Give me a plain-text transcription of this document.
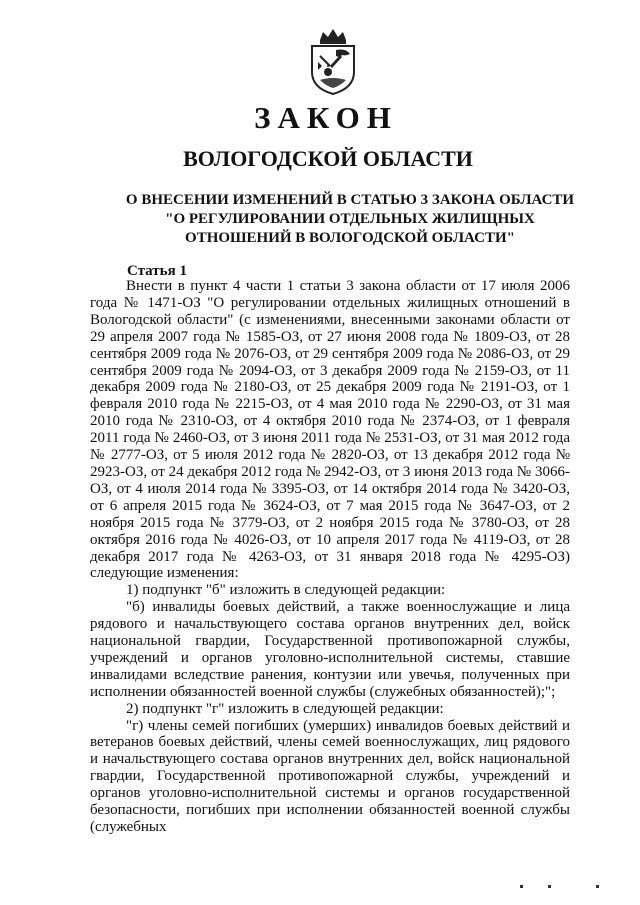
ЗАКОН
ВОЛОГОДСКОЙ ОБЛАСТИ
О ВНЕСЕНИИ ИЗМЕНЕНИЙ В СТАТЬЮ 3 ЗАКОНА ОБЛАСТИ
"О РЕГУЛИРОВАНИИ ОТДЕЛЬНЫХ ЖИЛИЩНЫХ
ОТНОШЕНИЙ В ВОЛОГОДСКОЙ ОБЛАСТИ"
Статья 1

Внести в пункт 4 части 1 статьи 3 закона области от 17 июля 2006 года № 1471-ОЗ "О регулировании отдельных жилищных отношений в Вологодской области" (с изменениями, внесенными законами области от 29 апреля 2007 года № 1585-ОЗ, от 27 июня 2008 года № 1809-ОЗ, от 28 сентября 2009 года № 2076-ОЗ, от 29 сентября 2009 года № 2086-ОЗ, от 29 сентября 2009 года № 2094-ОЗ, от 3 декабря 2009 года № 2159-ОЗ, от 11 декабря 2009 года № 2180-ОЗ, от 25 декабря 2009 года № 2191-ОЗ, от 1 февраля 2010 года № 2215-ОЗ, от 4 мая 2010 года № 2290-ОЗ, от 31 мая 2010 года № 2310-ОЗ, от 4 октября 2010 года № 2374-ОЗ, от 1 февраля 2011 года № 2460-ОЗ, от 3 июня 2011 года № 2531-ОЗ, от 31 мая 2012 года № 2777-ОЗ, от 5 июля 2012 года № 2820-ОЗ, от 13 декабря 2012 года № 2923-ОЗ, от 24 декабря 2012 года № 2942-ОЗ, от 3 июня 2013 года № 3066-ОЗ, от 4 июля 2014 года № 3395-ОЗ, от 14 октября 2014 года № 3420-ОЗ, от 6 апреля 2015 года № 3624-ОЗ, от 7 мая 2015 года № 3647-ОЗ, от 2 ноября 2015 года № 3779-ОЗ, от 2 ноября 2015 года № 3780-ОЗ, от 28 октября 2016 года № 4026-ОЗ, от 10 апреля 2017 года № 4119-ОЗ, от 28 декабря 2017 года № 4263-ОЗ, от 31 января 2018 года № 4295-ОЗ) следующие изменения:

1) подпункт "б" изложить в следующей редакции:

"б) инвалиды боевых действий, а также военнослужащие и лица рядового и начальствующего состава органов внутренних дел, войск национальной гвардии, Государственной противопожарной службы, учреждений и органов уголовно-исполнительной системы, ставшие инвалидами вследствие ранения, контузии или увечья, полученных при исполнении обязанностей военной службы (служебных обязанностей);";

2) подпункт "г" изложить в следующей редакции:

"г) члены семей погибших (умерших) инвалидов боевых действий и ветеранов боевых действий, члены семей военнослужащих, лиц рядового и начальствующего состава органов внутренних дел, войск национальной гвардии, Государственной противопожарной службы, учреждений и органов уголовно-исполнительной системы и органов государственной безопасности, погибших при исполнении обязанностей военной службы (служебных
